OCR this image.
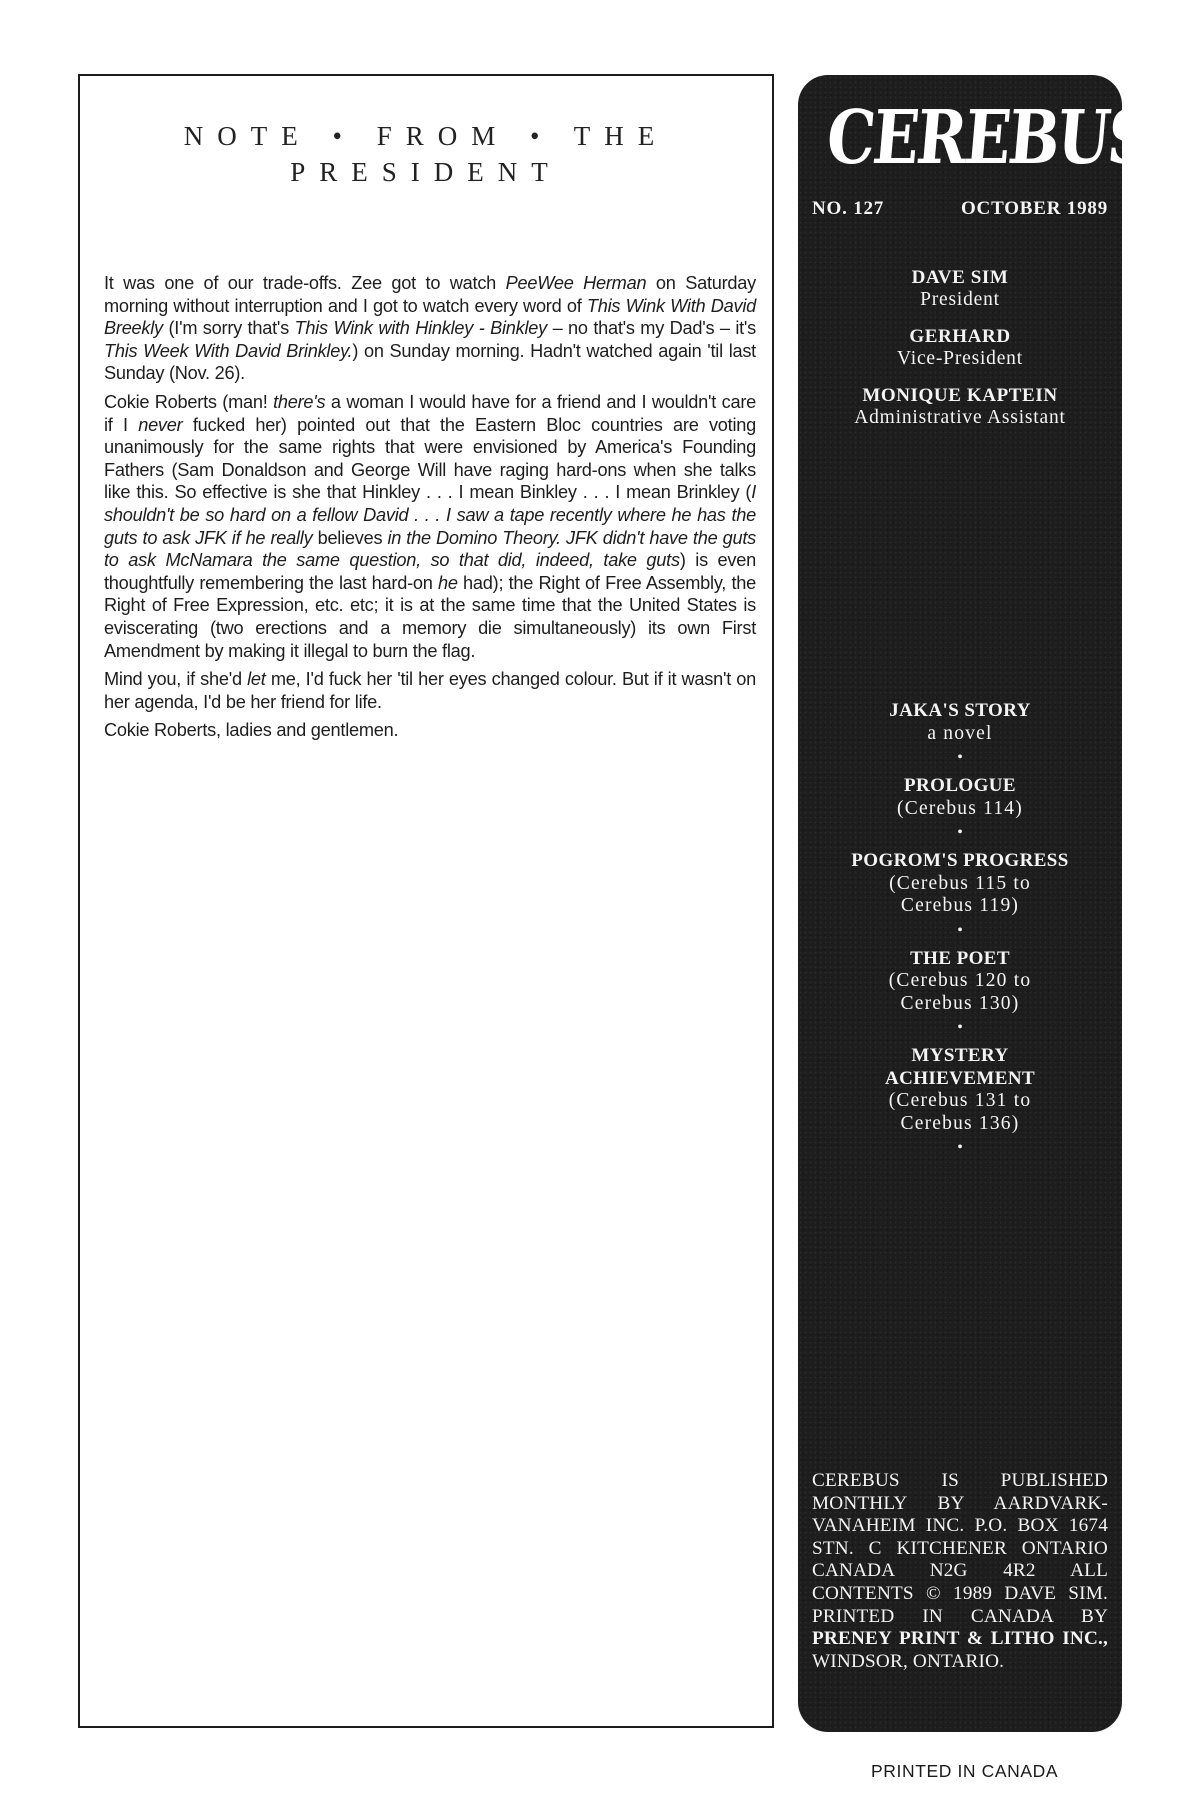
NOTE • FROM • THE
PRESIDENT

It was one of our trade-offs. Zee got to watch PeeWee Herman on Saturday morning without interruption and I got to watch every word of This Wink With David Breekly (I'm sorry that's This Wink with Hinkley - Binkley – no that's my Dad's – it's This Week With David Brinkley.) on Sunday morning. Hadn't watched again 'til last Sunday (Nov. 26).

Cokie Roberts (man! there's a woman I would have for a friend and I wouldn't care if I never fucked her) pointed out that the Eastern Bloc countries are voting unanimously for the same rights that were envisioned by America's Founding Fathers (Sam Donaldson and George Will have raging hard-ons when she talks like this. So effective is she that Hinkley . . . I mean Binkley . . . I mean Brinkley (I shouldn't be so hard on a fellow David . . . I saw a tape recently where he has the guts to ask JFK if he really believes in the Domino Theory. JFK didn't have the guts to ask McNamara the same question, so that did, indeed, take guts) is even thoughtfully remembering the last hard-on he had); the Right of Free Assembly, the Right of Free Expression, etc. etc; it is at the same time that the United States is eviscerating (two erections and a memory die simultaneously) its own First Amendment by making it illegal to burn the flag.

Mind you, if she'd let me, I'd fuck her 'til her eyes changed colour. But if it wasn't on her agenda, I'd be her friend for life.

Cokie Roberts, ladies and gentlemen.

CEREBUS
NO. 127	OCTOBER 1989
DAVE SIM
President
GERHARD
Vice-President
MONIQUE KAPTEIN
Administrative Assistant
JAKA'S STORY
a novel
•
PROLOGUE
(Cerebus 114)
•
POGROM'S PROGRESS
(Cerebus 115 to
Cerebus 119)
•
THE POET
(Cerebus 120 to
Cerebus 130)
•
MYSTERY
ACHIEVEMENT
(Cerebus 131 to
Cerebus 136)
•
CEREBUS IS PUBLISHED MONTHLY BY AARDVARK-VANAHEIM INC. P.O. BOX 1674 STN. C KITCHENER ONTARIO CANADA N2G 4R2 ALL CONTENTS © 1989 DAVE SIM. PRINTED IN CANADA BY PRENEY PRINT & LITHO INC., WINDSOR, ONTARIO.
PRINTED IN CANADA
